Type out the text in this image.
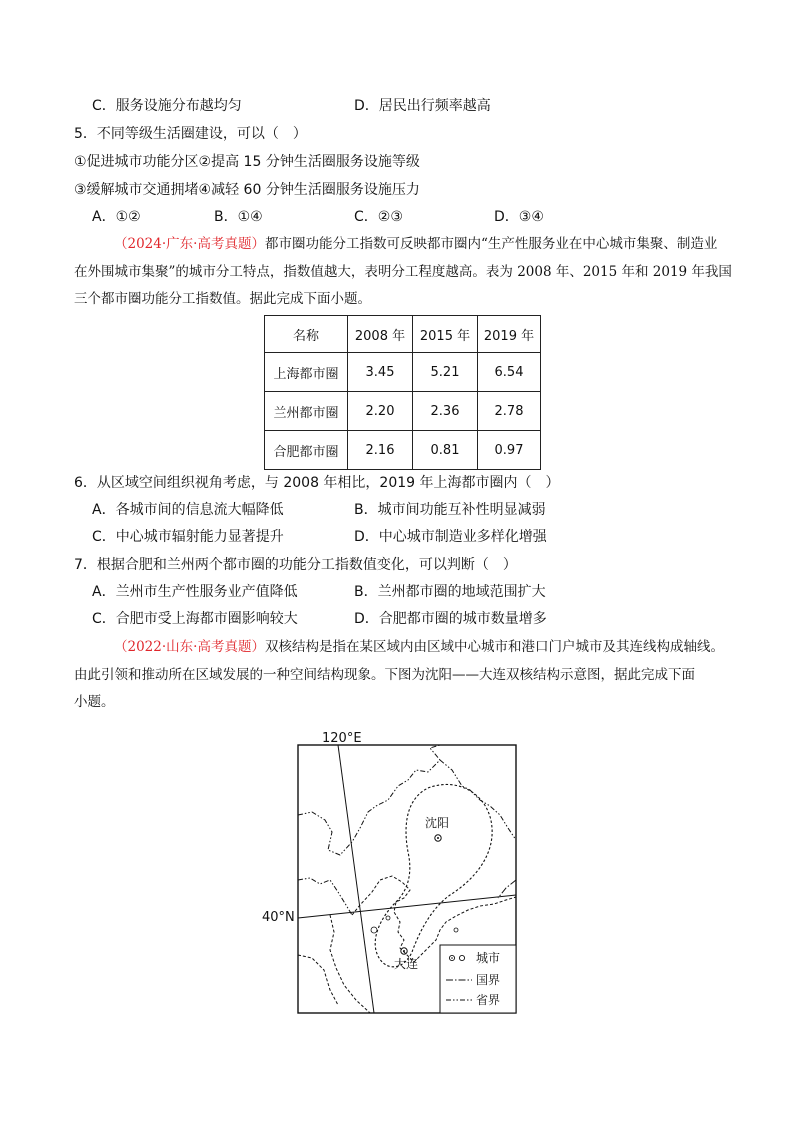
C．服务设施分布越均匀	D．居民出行频率越高
5．不同等级生活圈建设，可以（　）
①促进城市功能分区②提高 15 分钟生活圈服务设施等级
③缓解城市交通拥堵④减轻 60 分钟生活圈服务设施压力
A．①②	B．①④	C．②③	D．③④
（2024·广东·高考真题）都市圈功能分工指数可反映都市圈内“生产性服务业在中心城市集聚、制造业
在外围城市集聚”的城市分工特点，指数值越大，表明分工程度越高。表为 2008 年、2015 年和 2019 年我国
三个都市圈功能分工指数值。据此完成下面小题。
名称	2008 年	2015 年	2019 年
上海都市圈	3.45	5.21	6.54
兰州都市圈	2.20	2.36	2.78
合肥都市圈	2.16	0.81	0.97
6．从区域空间组织视角考虑，与 2008 年相比，2019 年上海都市圈内（　）
A．各城市间的信息流大幅降低	B．城市间功能互补性明显减弱
C．中心城市辐射能力显著提升	D．中心城市制造业多样化增强
7．根据合肥和兰州两个都市圈的功能分工指数值变化，可以判断（　）
A．兰州市生产性服务业产值降低	B．兰州都市圈的地域范围扩大
C．合肥市受上海都市圈影响较大	D．合肥都市圈的城市数量增多
（2022·山东·高考真题）双核结构是指在某区域内由区域中心城市和港口门户城市及其连线构成轴线。
由此引领和推动所在区域发展的一种空间结构现象。下图为沈阳——大连双核结构示意图，据此完成下面
小题。
沈阳
大连
120°E
40°N
城市
国界
省界
